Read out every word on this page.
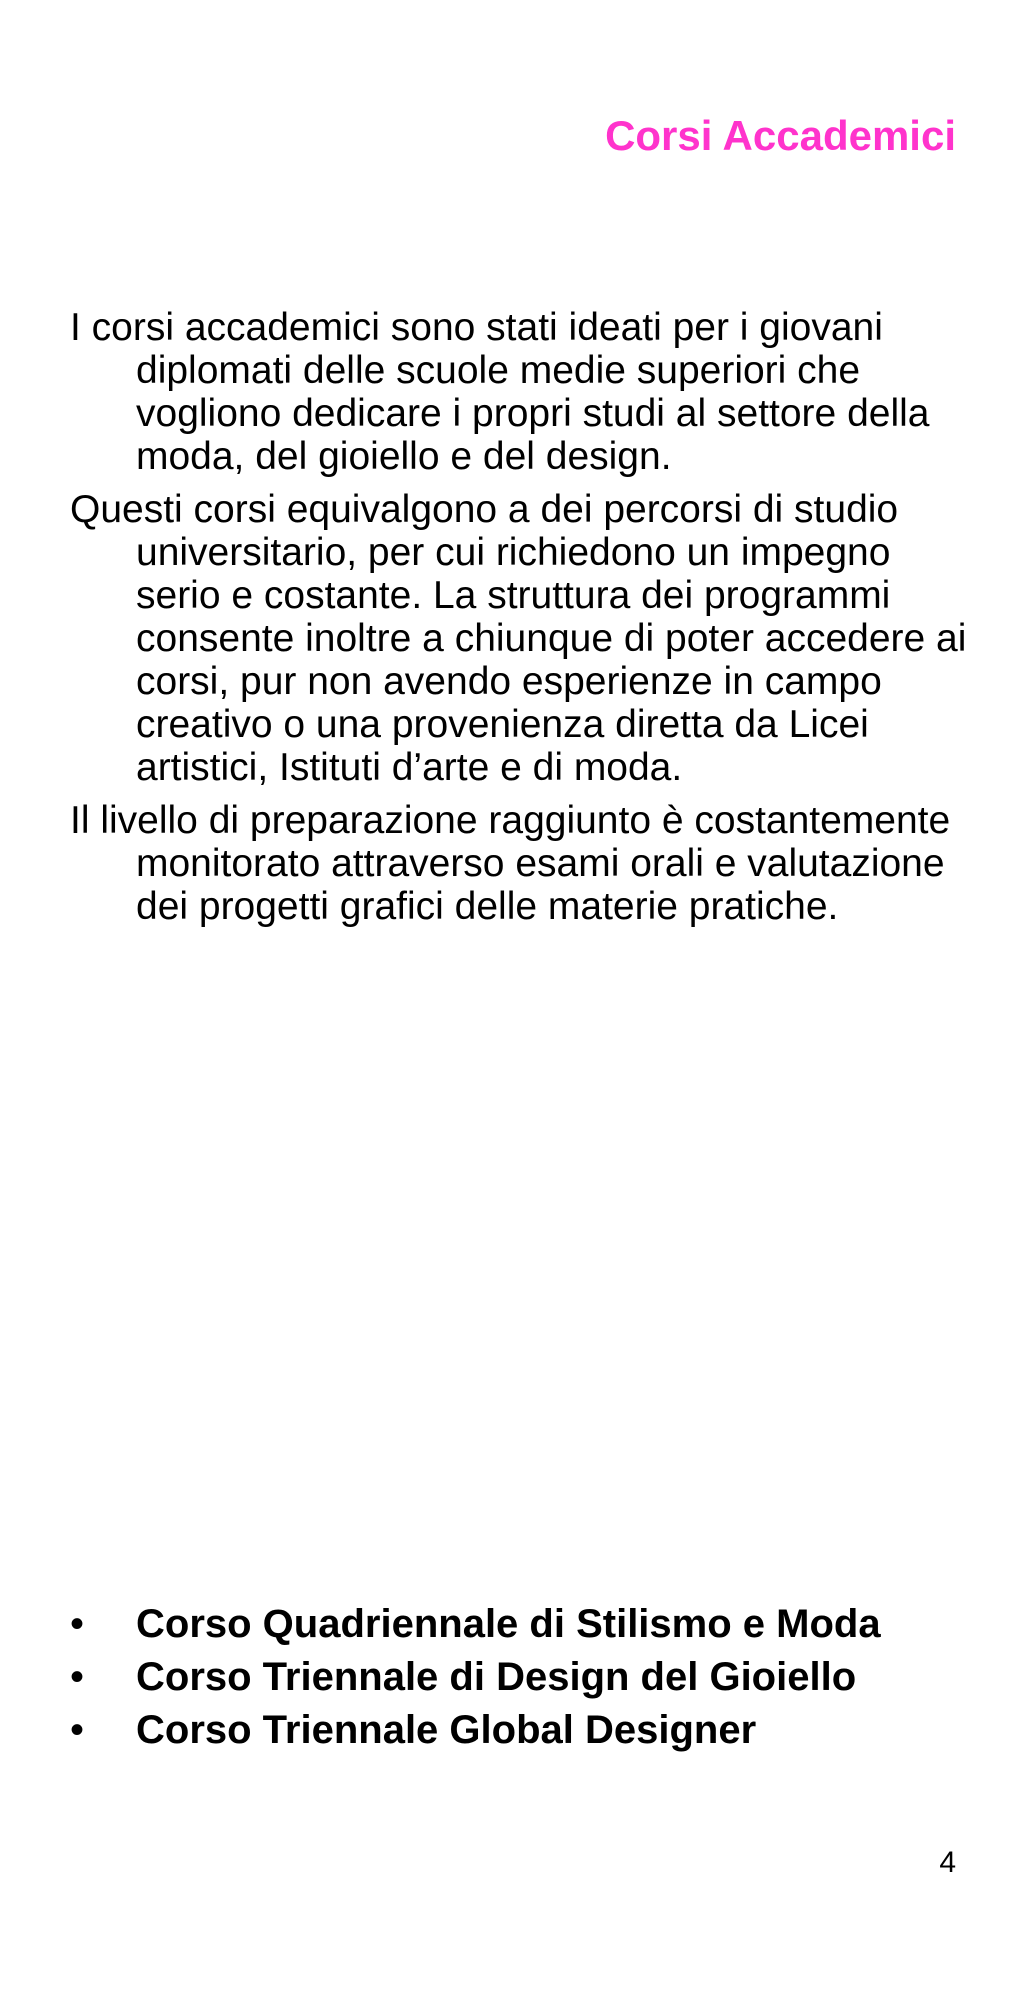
Corsi Accademici

I corsi accademici sono stati ideati per i giovani diplomati delle scuole medie superiori che vogliono dedicare i propri studi al settore della moda, del gioiello e del design.

Questi corsi equivalgono a dei percorsi di studio universitario, per cui richiedono un impegno serio e costante. La struttura dei programmi consente inoltre a chiunque di poter accedere ai corsi, pur non avendo esperienze in campo creativo o una provenienza diretta da Licei artistici, Istituti d’arte e di moda.

Il livello di preparazione raggiunto è costantemente monitorato attraverso esami orali e valutazione dei progetti grafici delle materie pratiche.

• Corso Quadriennale di Stilismo e Moda
• Corso Triennale di Design del Gioiello
• Corso Triennale Global Designer
4
